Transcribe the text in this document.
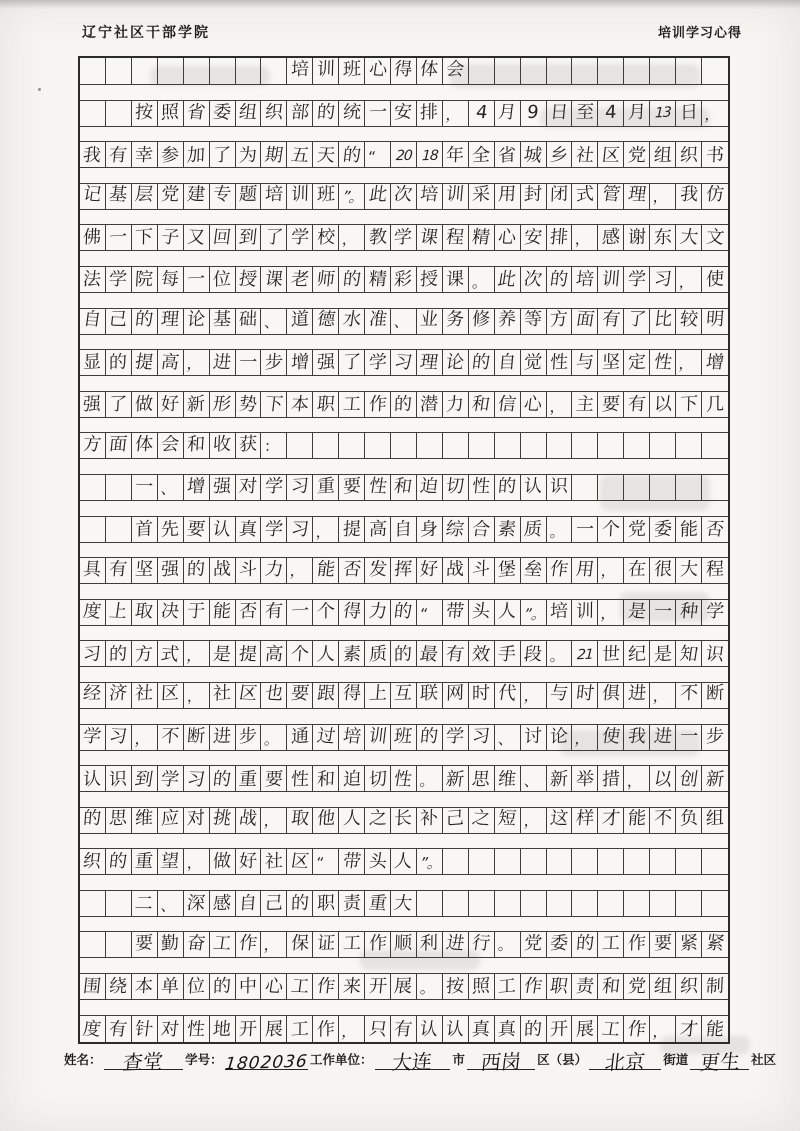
辽宁社区干部学院	培训学习心得
培 训 班 心 得 体 会
按 照 省 委 组 织 部 的 统 一 安 排 ， 4 月 9 日 至 4 月 13 日 ，
我 有 幸 参 加 了 为 期 五 天 的 “ 20 18 年 全 省 城 乡 社 区 党 组 织 书
记 基 层 党 建 专 题 培 训 班 ”。 此 次 培 训 采 用 封 闭 式 管 理 ， 我 仿
佛 一 下 子 又 回 到 了 学 校 ， 教 学 课 程 精 心 安 排 ， 感 谢 东 大 文
法 学 院 每 一 位 授 课 老 师 的 精 彩 授 课 。 此 次 的 培 训 学 习 ， 使
自 己 的 理 论 基 础 、 道 德 水 准 、 业 务 修 养 等 方 面 有 了 比 较 明
显 的 提 高 ， 进 一 步 增 强 了 学 习 理 论 的 自 觉 性 与 坚 定 性 ， 增
强 了 做 好 新 形 势 下 本 职 工 作 的 潜 力 和 信 心 ， 主 要 有 以 下 几
方 面 体 会 和 收 获 ：
一 、 增 强 对 学 习 重 要 性 和 迫 切 性 的 认 识
首 先 要 认 真 学 习 ， 提 高 自 身 综 合 素 质 。 一 个 党 委 能 否
具 有 坚 强 的 战 斗 力 ， 能 否 发 挥 好 战 斗 堡 垒 作 用 ， 在 很 大 程
度 上 取 决 于 能 否 有 一 个 得 力 的 “ 带 头 人 ”。 培 训 ， 是 一 种 学
习 的 方 式 ， 是 提 高 个 人 素 质 的 最 有 效 手 段 。 21 世 纪 是 知 识
经 济 社 区 ， 社 区 也 要 跟 得 上 互 联 网 时 代 ， 与 时 俱 进 ， 不 断
学 习 ， 不 断 进 步 。 通 过 培 训 班 的 学 习 、 讨 论 ， 使 我 进 一 步
认 识 到 学 习 的 重 要 性 和 迫 切 性 。 新 思 维 、 新 举 措 ， 以 创 新
的 思 维 应 对 挑 战 ， 取 他 人 之 长 补 己 之 短 ， 这 样 才 能 不 负 组
织 的 重 望 ， 做 好 社 区 “ 带 头 人 ”。
二 、 深 感 自 己 的 职 责 重 大
要 勤 奋 工 作 ， 保 证 工 作 顺 利 进 行 。 党 委 的 工 作 要 紧 紧
围 绕 本 单 位 的 中 心 工 作 来 开 展 。 按 照 工 作 职 责 和 党 组 织 制
度 有 针 对 性 地 开 展 工 作 ， 只 有 认 认 真 真 的 开 展 工 作 ， 才 能
姓名： 查堂 学号： 1802036 工作单位： 大连 市 西岗 区（县） 北京 街道 更生 社区
